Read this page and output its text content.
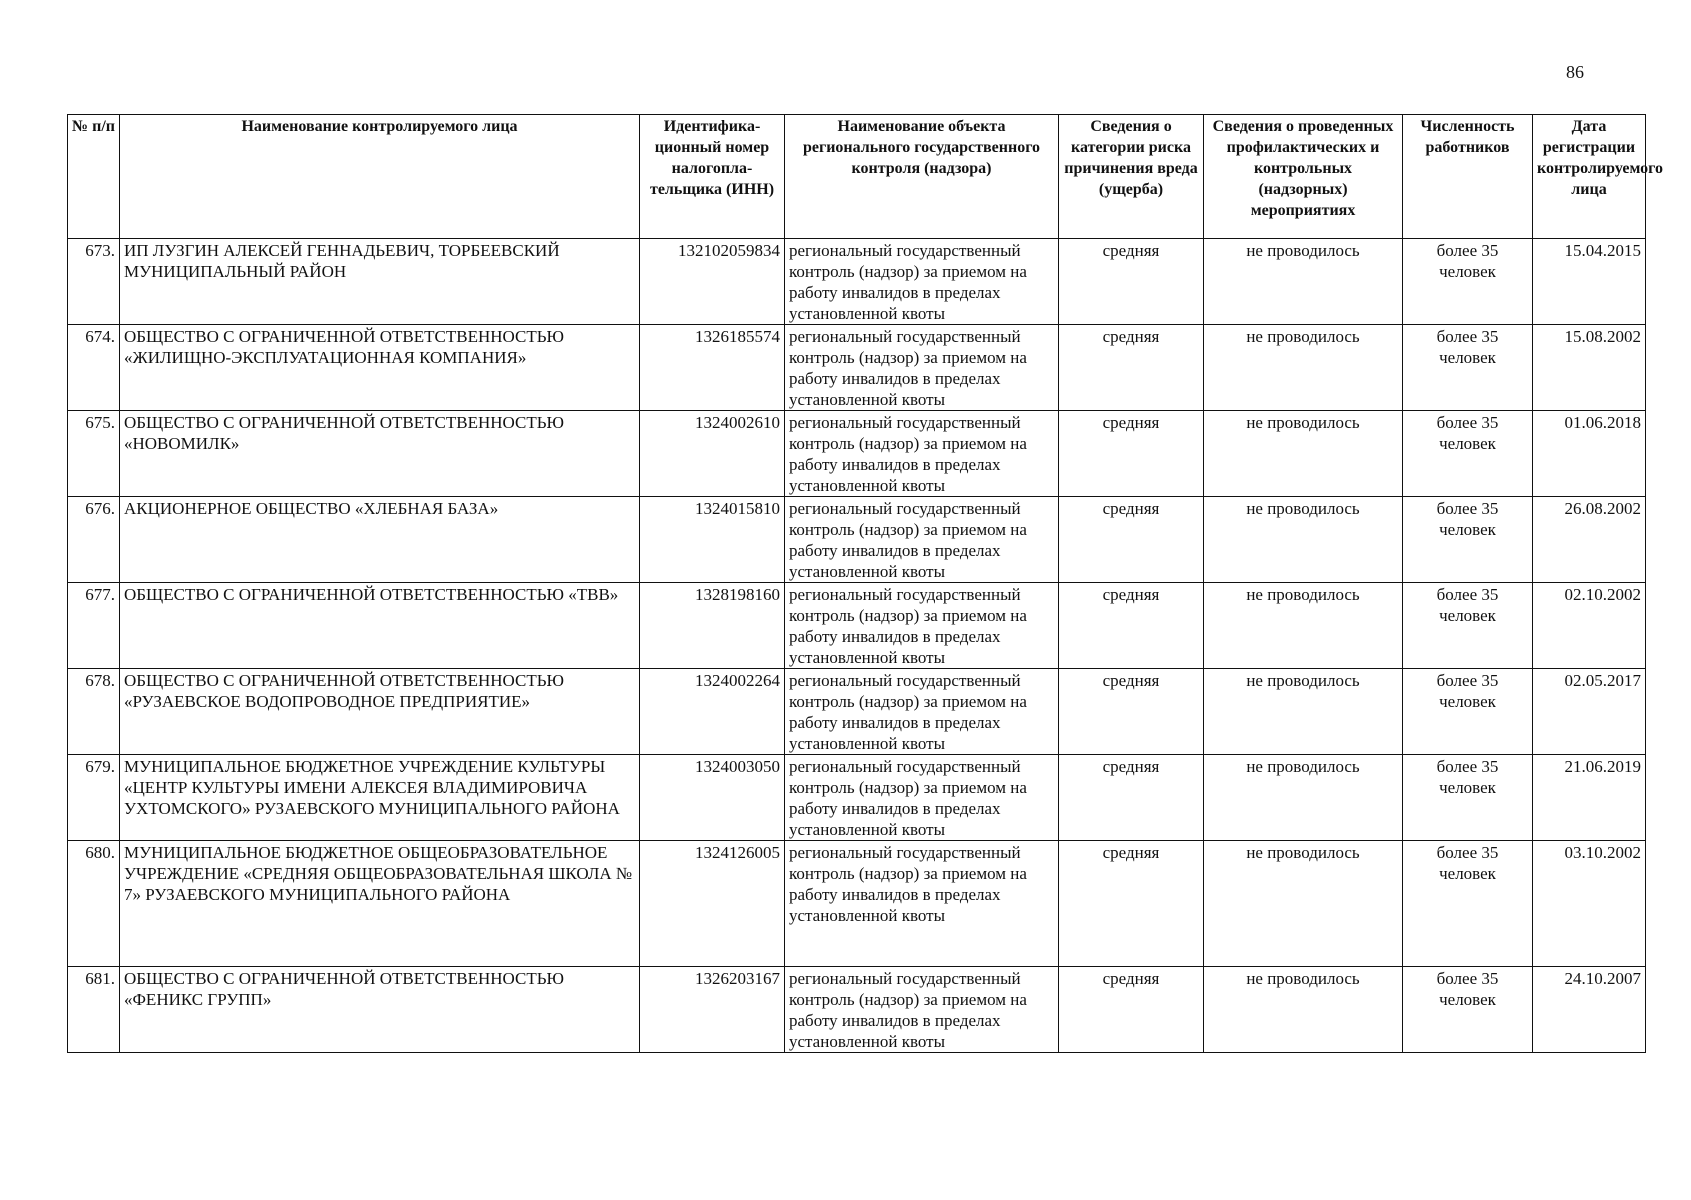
86
№ п/п	Наименование контролируемого лица	Идентифика-ционный номер налогопла-тельщика (ИНН)	Наименование объекта регионального государственного контроля (надзора)	Сведения о категории риска причинения вреда (ущерба)	Сведения о проведенных профилактических и контрольных (надзорных) мероприятиях	Численность работников	Дата регистрации контролируемого лица
673.	ИП ЛУЗГИН АЛЕКСЕЙ ГЕННАДЬЕВИЧ, ТОРБЕЕВСКИЙ МУНИЦИПАЛЬНЫЙ РАЙОН	132102059834	региональный государственный контроль (надзор) за приемом на работу инвалидов в пределах установленной квоты	средняя	не проводилось	более 35 человек	15.04.2015
674.	ОБЩЕСТВО С ОГРАНИЧЕННОЙ ОТВЕТСТВЕННОСТЬЮ «ЖИЛИЩНО-ЭКСПЛУАТАЦИОННАЯ КОМПАНИЯ»	1326185574	региональный государственный контроль (надзор) за приемом на работу инвалидов в пределах установленной квоты	средняя	не проводилось	более 35 человек	15.08.2002
675.	ОБЩЕСТВО С ОГРАНИЧЕННОЙ ОТВЕТСТВЕННОСТЬЮ «НОВОМИЛК»	1324002610	региональный государственный контроль (надзор) за приемом на работу инвалидов в пределах установленной квоты	средняя	не проводилось	более 35 человек	01.06.2018
676.	АКЦИОНЕРНОЕ ОБЩЕСТВО «ХЛЕБНАЯ БАЗА»	1324015810	региональный государственный контроль (надзор) за приемом на работу инвалидов в пределах установленной квоты	средняя	не проводилось	более 35 человек	26.08.2002
677.	ОБЩЕСТВО С ОГРАНИЧЕННОЙ ОТВЕТСТВЕННОСТЬЮ «ТВВ»	1328198160	региональный государственный контроль (надзор) за приемом на работу инвалидов в пределах установленной квоты	средняя	не проводилось	более 35 человек	02.10.2002
678.	ОБЩЕСТВО С ОГРАНИЧЕННОЙ ОТВЕТСТВЕННОСТЬЮ «РУЗАЕВСКОЕ ВОДОПРОВОДНОЕ ПРЕДПРИЯТИЕ»	1324002264	региональный государственный контроль (надзор) за приемом на работу инвалидов в пределах установленной квоты	средняя	не проводилось	более 35 человек	02.05.2017
679.	МУНИЦИПАЛЬНОЕ БЮДЖЕТНОЕ УЧРЕЖДЕНИЕ КУЛЬТУРЫ «ЦЕНТР КУЛЬТУРЫ ИМЕНИ АЛЕКСЕЯ ВЛАДИМИРОВИЧА УХТОМСКОГО» РУЗАЕВСКОГО МУНИЦИПАЛЬНОГО РАЙОНА	1324003050	региональный государственный контроль (надзор) за приемом на работу инвалидов в пределах установленной квоты	средняя	не проводилось	более 35 человек	21.06.2019
680.	МУНИЦИПАЛЬНОЕ БЮДЖЕТНОЕ ОБЩЕОБРАЗОВАТЕЛЬНОЕ УЧРЕЖДЕНИЕ «СРЕДНЯЯ ОБЩЕОБРАЗОВАТЕЛЬНАЯ ШКОЛА № 7» РУЗАЕВСКОГО МУНИЦИПАЛЬНОГО РАЙОНА	1324126005	региональный государственный контроль (надзор) за приемом на работу инвалидов в пределах установленной квоты	средняя	не проводилось	более 35 человек	03.10.2002
681.	ОБЩЕСТВО С ОГРАНИЧЕННОЙ ОТВЕТСТВЕННОСТЬЮ «ФЕНИКС ГРУПП»	1326203167	региональный государственный контроль (надзор) за приемом на работу инвалидов в пределах установленной квоты	средняя	не проводилось	более 35 человек	24.10.2007
